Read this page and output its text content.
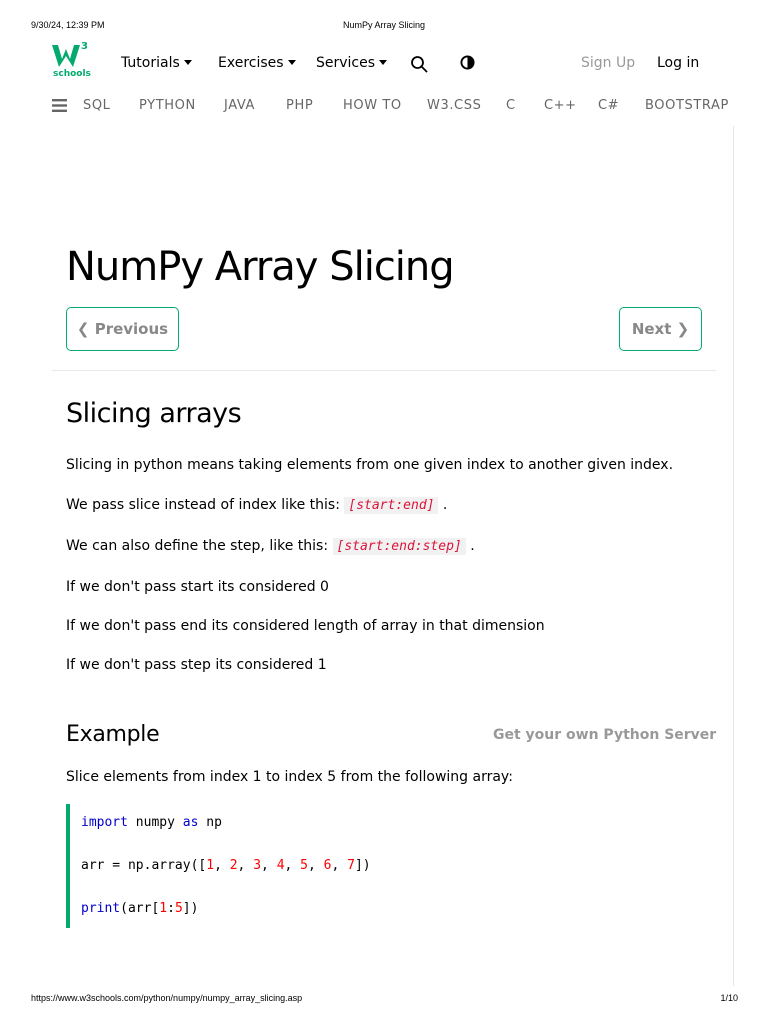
9/30/24, 12:39 PM	NumPy Array Slicing
3
schools
Tutorials	Exercises	Services	Sign Up Log in
SQL PYTHON JAVA PHP HOW TO W3.CSS C C++ C# BOOTSTRAP
NumPy Array Slicing
❮ Previous	Next ❯
Slicing arrays

Slicing in python means taking elements from one given index to another given index.

We pass slice instead of index like this: [start:end] .

We can also define the step, like this: [start:end:step] .

If we don't pass start its considered 0

If we don't pass end its considered length of array in that dimension

If we don't pass step its considered 1

Example	Get your own Python Server

Slice elements from index 1 to index 5 from the following array:

import numpy as np
arr = np.array([1, 2, 3, 4, 5, 6, 7])
print(arr[1:5])
https://www.w3schools.com/python/numpy/numpy_array_slicing.asp	1/10
